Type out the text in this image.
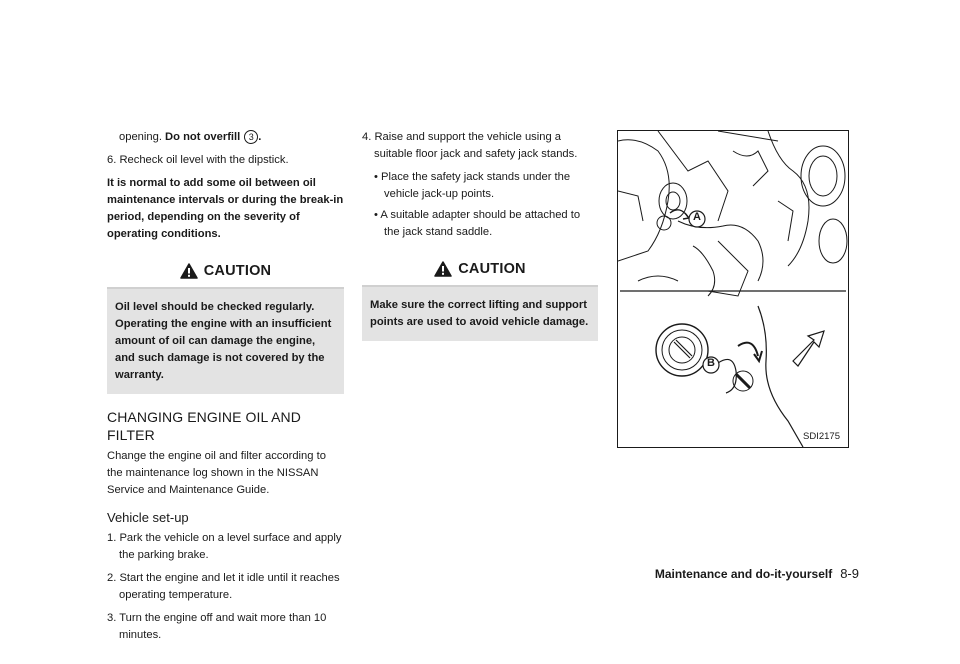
opening. Do not overfill 3 .

6. Recheck oil level with the dipstick.

It is normal to add some oil between oil maintenance intervals or during the break-in period, depending on the severity of operating conditions.

CAUTION
Oil level should be checked regularly. Operating the engine with an insufficient amount of oil can damage the engine, and such damage is not covered by the warranty.
CHANGING ENGINE OIL AND FILTER

Change the engine oil and filter according to the maintenance log shown in the NISSAN Service and Maintenance Guide.

Vehicle set-up

1. Park the vehicle on a level surface and apply the parking brake.

2. Start the engine and let it idle until it reaches operating temperature.

3. Turn the engine off and wait more than 10 minutes.

4. Raise and support the vehicle using a suitable floor jack and safety jack stands.

• Place the safety jack stands under the vehicle jack-up points.

• A suitable adapter should be attached to the jack stand saddle.

CAUTION
Make sure the correct lifting and support points are used to avoid vehicle damage.
A
B
SDI2175
Maintenance and do-it-yourself 8-9
